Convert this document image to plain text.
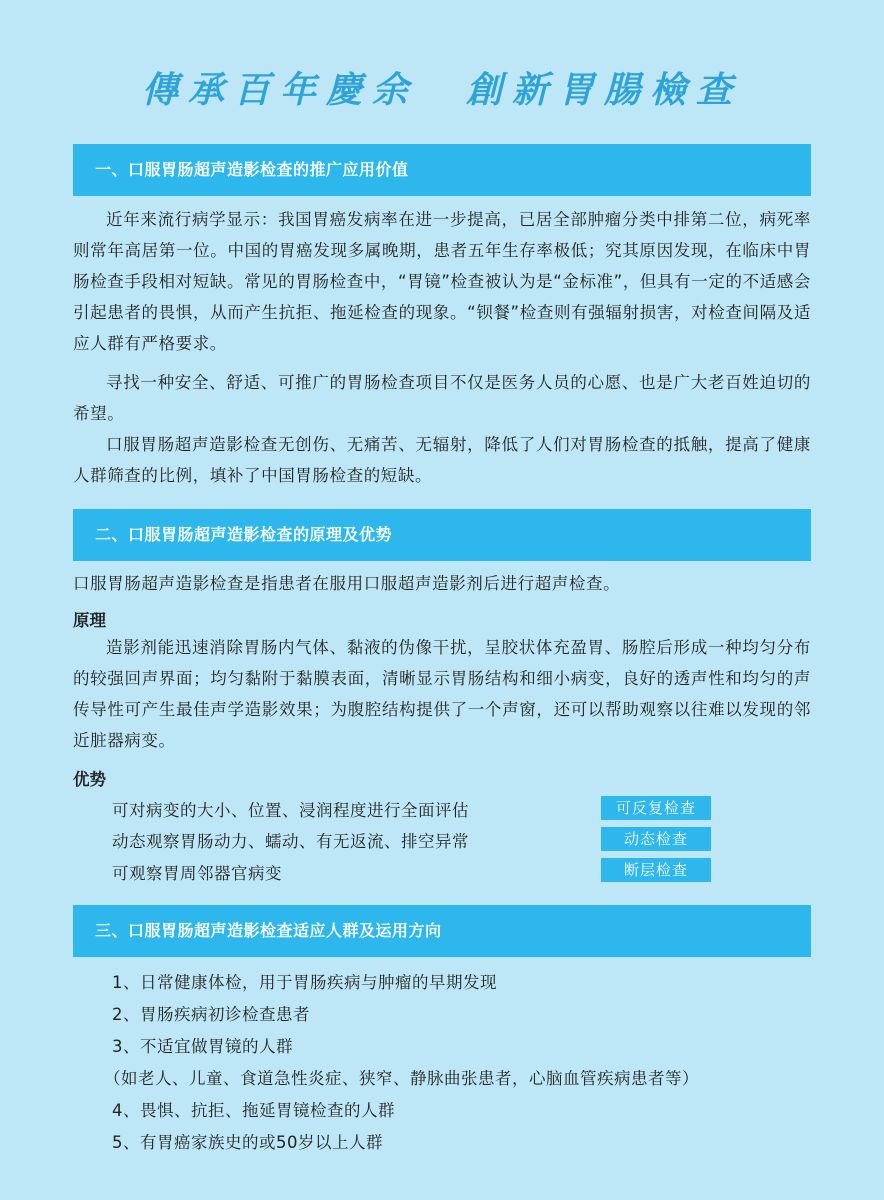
傳承百年慶余 創新胃腸檢查
一、口服胃肠超声造影检查的推广应用价值

近年来流行病学显示：我国胃癌发病率在进一步提高，已居全部肿瘤分类中排第二位，病死率则常年高居第一位。中国的胃癌发现多属晚期，患者五年生存率极低；究其原因发现，在临床中胃肠检查手段相对短缺。常见的胃肠检查中，“胃镜”检查被认为是“金标准”，但具有一定的不适感会引起患者的畏惧，从而产生抗拒、拖延检查的现象。“钡餐”检查则有强辐射损害，对检查间隔及适应人群有严格要求。

寻找一种安全、舒适、可推广的胃肠检查项目不仅是医务人员的心愿、也是广大老百姓迫切的希望。

口服胃肠超声造影检查无创伤、无痛苦、无辐射，降低了人们对胃肠检查的抵触，提高了健康人群筛查的比例，填补了中国胃肠检查的短缺。

二、口服胃肠超声造影检查的原理及优势

口服胃肠超声造影检查是指患者在服用口服超声造影剂后进行超声检查。

原理

造影剂能迅速消除胃肠内气体、黏液的伪像干扰，呈胶状体充盈胃、肠腔后形成一种均匀分布的较强回声界面；均匀黏附于黏膜表面，清晰显示胃肠结构和细小病变，良好的透声性和均匀的声传导性可产生最佳声学造影效果；为腹腔结构提供了一个声窗，还可以帮助观察以往难以发现的邻近脏器病变。

优势
可对病变的大小、位置、浸润程度进行全面评估	可反复检查
动态观察胃肠动力、蠕动、有无返流、排空异常	动态检查
可观察胃周邻器官病变	断层检查
三、口服胃肠超声造影检查适应人群及运用方向
1、日常健康体检，用于胃肠疾病与肿瘤的早期发现
2、胃肠疾病初诊检查患者
3、不适宜做胃镜的人群
（如老人、儿童、食道急性炎症、狭窄、静脉曲张患者，心脑血管疾病患者等）
4、畏惧、抗拒、拖延胃镜检查的人群
5、有胃癌家族史的或50岁以上人群
